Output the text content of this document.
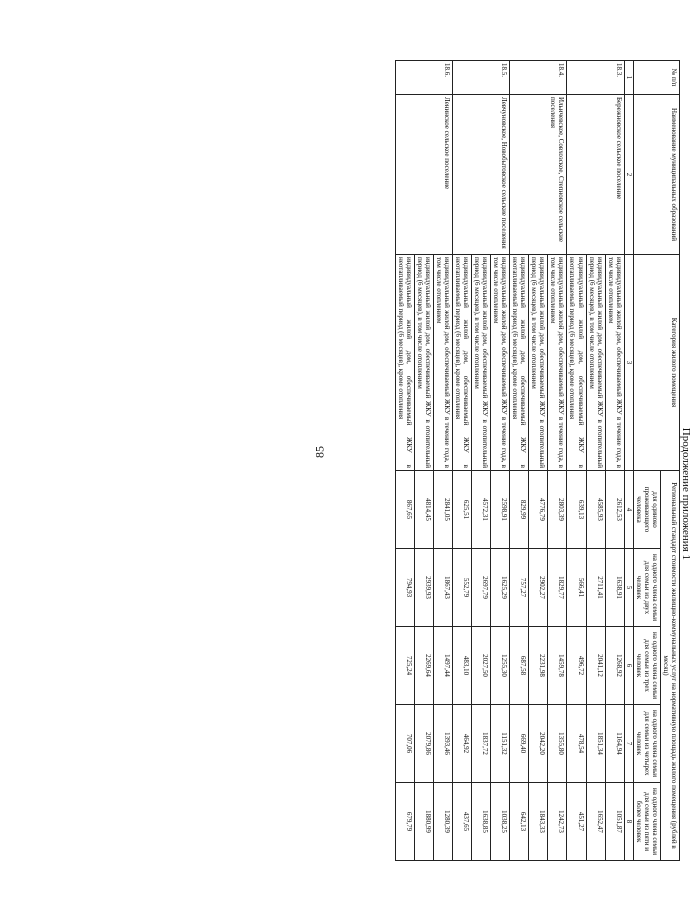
85	Продолжение приложения 1
№ п/п	Наименование муниципальных образований	Категория жилого помещения	Региональный стандарт стоимости жилищно-коммунальных услуг на нормативную площадь жилого помещения (рублей в месяц)				
			для одиноко проживающего человека	на одного члена семьи для семьи из двух человек	на одного члена семьи для семьи из трех человек	на одного члена семьи для семьи из четырех человек	на одного члена семьи для семьи из пяти и более человек
1	2	3	4	5	6	7	8
18.3.	Бережновское сельское поселение	индивидуальный жилой дом, обеспечиваемый ЖКУ в течение года, в том числе отоплением	2612,53	1638,91	1268,92	1164,94	1051,87
		индивидуальный жилой дом, обеспечиваемый ЖКУ в отопительный период (6 месяцев), в том числе отоплением	4585,93	2711,41	2041,12	1851,34	1652,47
		индивидуальный жилой дом, обеспечиваемый ЖКУ в неотапливаемый период (6 месяцев), кроме отопления	639,13	566,41	496,72	478,54	451,27
18.4.	Ильичевское, Совхозское, Степновское сельские поселения	индивидуальный жилой дом, обеспечиваемый ЖКУ в течение года, в том числе отоплением	2803,39	1829,77	1459,78	1355,80	1242,73
		индивидуальный жилой дом, обеспечиваемый ЖКУ в отопительный период (6 месяцев), в том числе отоплением	4776,79	2902,27	2231,98	2042,20	1843,33
		индивидуальный жилой дом, обеспечиваемый ЖКУ в неотапливаемый период (6 месяцев), кроме отопления	829,99	757,27	687,58	669,40	642,13
18.5.	Левчуновское, Новобытовское сельские поселения	индивидуальный жилой дом, обеспечиваемый ЖКУ в течение года, в том числе отоплением	2598,91	1625,29	1255,30	1151,32	1038,25
		индивидуальный жилой дом, обеспечиваемый ЖКУ в отопительный период (6 месяцев), в том числе отоплением	4572,31	2697,79	2027,50	1837,72	1638,85
		индивидуальный жилой дом, обеспечиваемый ЖКУ в неотапливаемый период (6 месяцев), кроме отопления	625,51	552,79	483,10	464,92	437,65
18.6.	Ленинское сельское поселение	индивидуальный жилой дом, обеспечиваемый ЖКУ в течение года, в том числе отоплением	2841,05	1867,43	1497,44	1393,46	1280,39
		индивидуальный жилой дом, обеспечиваемый ЖКУ в отопительный период (6 месяцев), в том числе отоплением	4814,45	2939,93	2269,64	2079,86	1880,99
		индивидуальный жилой дом, обеспечиваемый ЖКУ в неотапливаемый период (6 месяцев), кроме отопления	867,65	794,93	725,24	707,06	679,79
